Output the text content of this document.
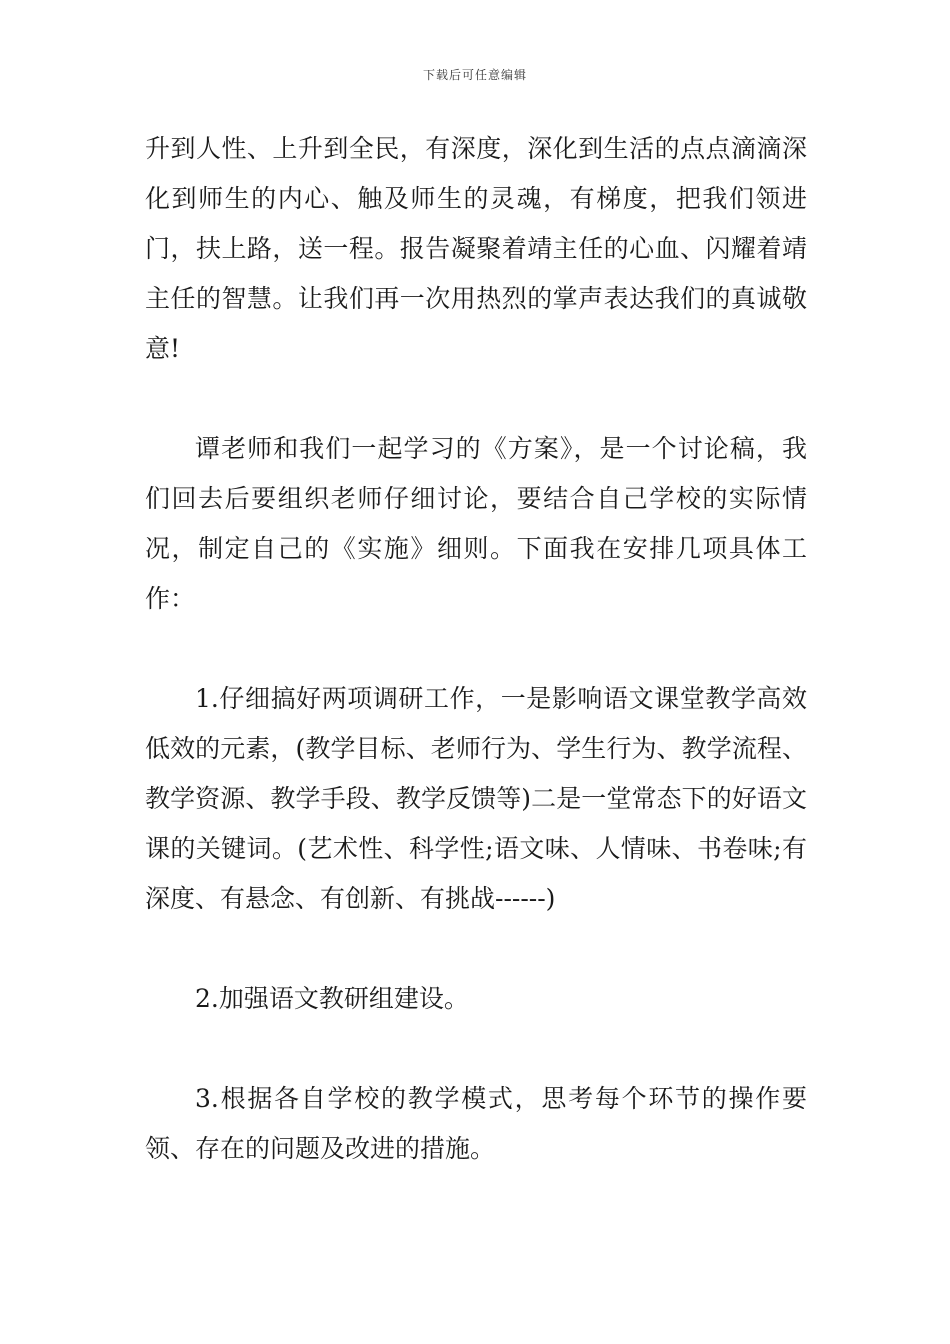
下载后可任意编辑

升到人性、上升到全民，有深度，深化到生活的点点滴滴深化到师生的内心、触及师生的灵魂，有梯度，把我们领进门，扶上路，送一程。报告凝聚着靖主任的心血、闪耀着靖主任的智慧。让我们再一次用热烈的掌声表达我们的真诚敬意!

谭老师和我们一起学习的《方案》，是一个讨论稿，我们回去后要组织老师仔细讨论，要结合自己学校的实际情况，制定自己的《实施》细则。下面我在安排几项具体工作：

1.仔细搞好两项调研工作，一是影响语文课堂教学高效低效的元素，(教学目标、老师行为、学生行为、教学流程、教学资源、教学手段、教学反馈等)二是一堂常态下的好语文课的关键词。(艺术性、科学性;语文味、人情味、书卷味;有深度、有悬念、有创新、有挑战------)

2.加强语文教研组建设。

3.根据各自学校的教学模式，思考每个环节的操作要领、存在的问题及改进的措施。
